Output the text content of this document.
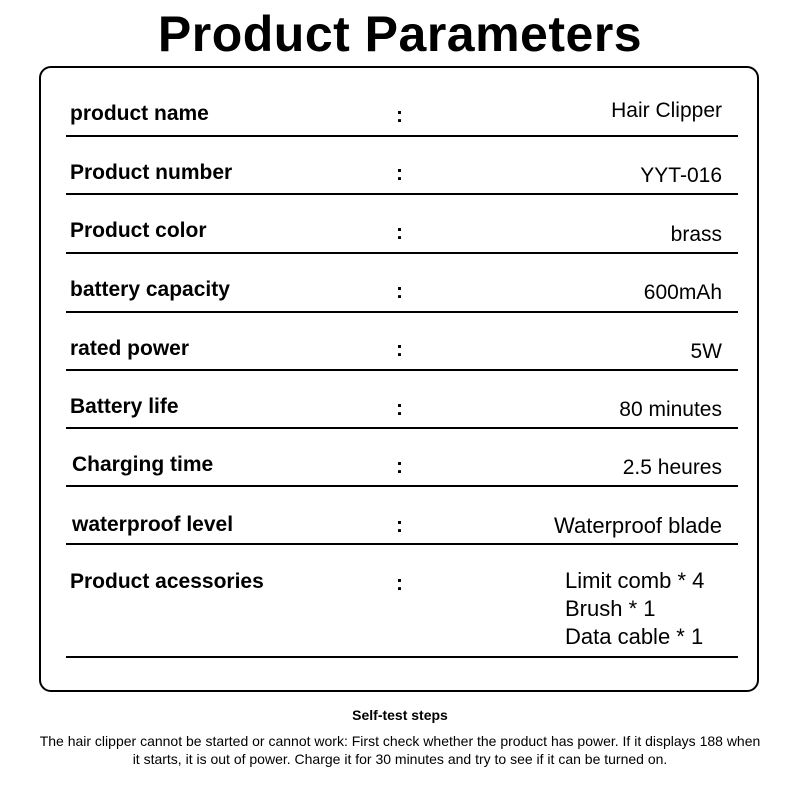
Product Parameters
product name	:	Hair Clipper
Product number	:	YYT-016
Product color	:	brass
battery capacity	:	600mAh
rated power	:	5W
Battery life	:	80 minutes
Charging time	:	2.5 heures
waterproof level	:	Waterproof blade
Product acessories	:	Limit comb * 4
Brush * 1
Data cable * 1
Self-test steps
The hair clipper cannot be started or cannot work: First check whether the product has power. If it displays 188 when it starts, it is out of power. Charge it for 30 minutes and try to see if it can be turned on.
